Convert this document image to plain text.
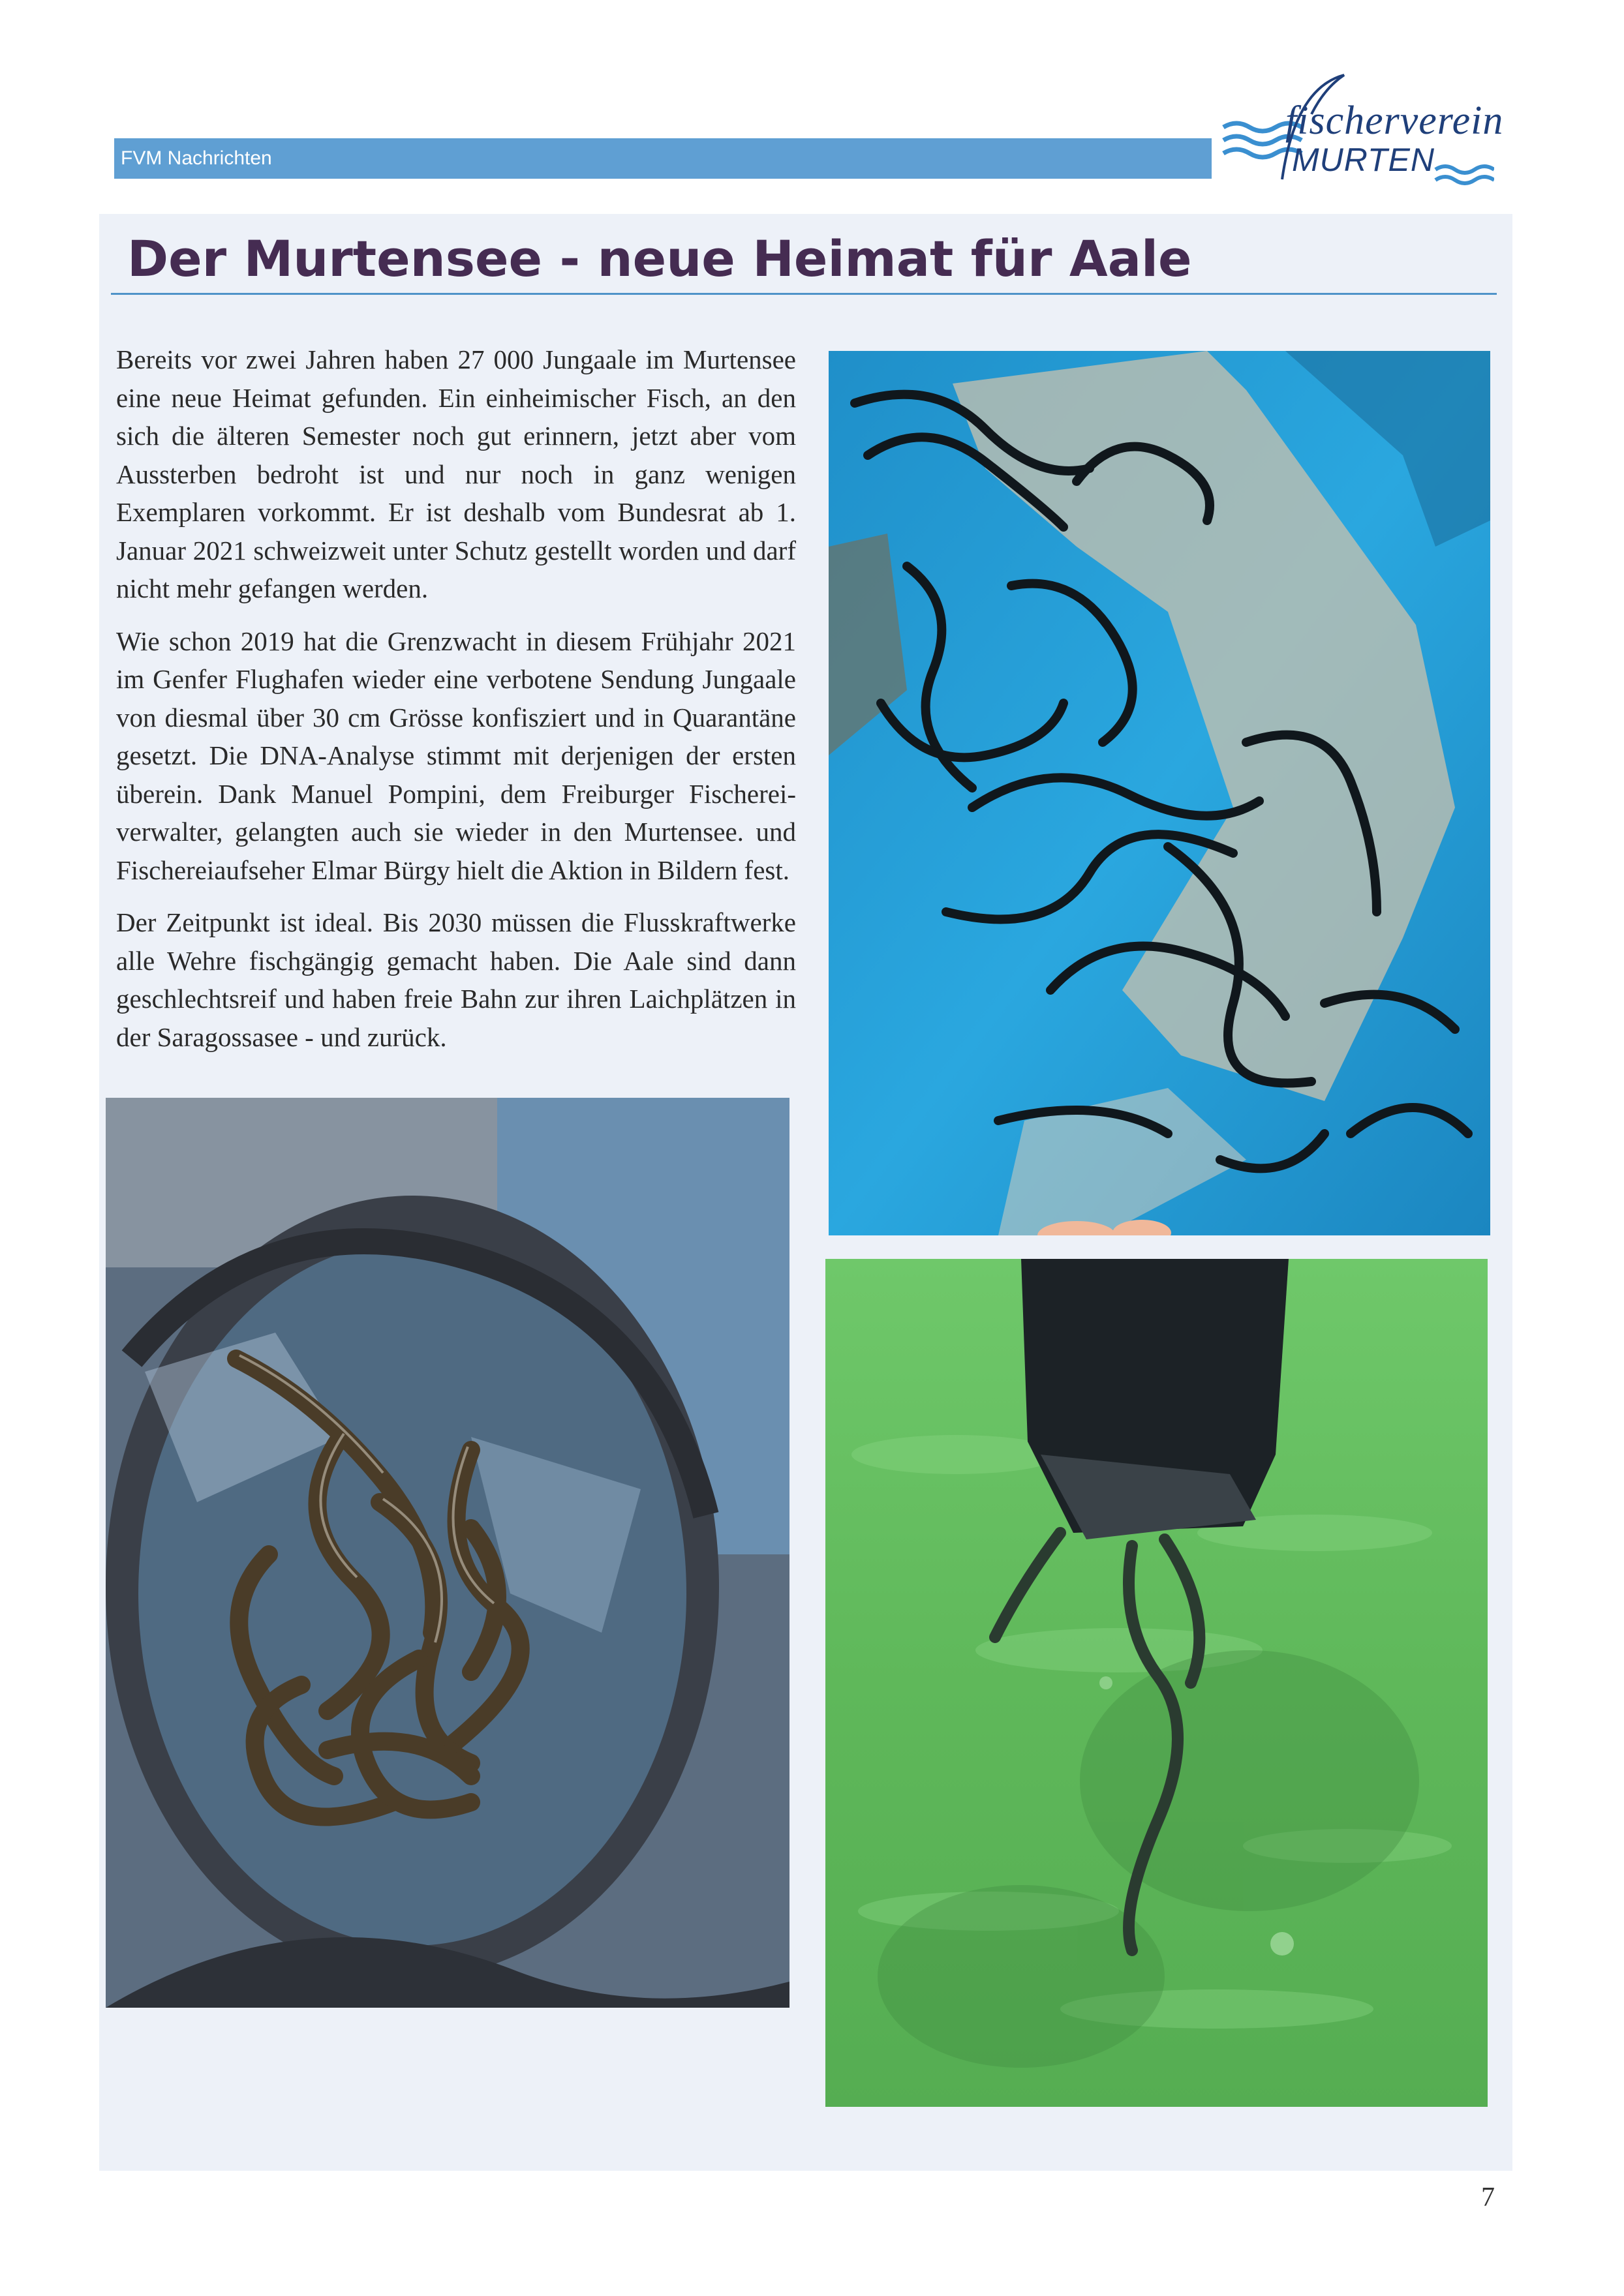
FVM Nachrichten
fischerverein
MURTEN
Der Murtensee - neue Heimat für Aale

Bereits vor zwei Jahren haben 27 000 Jungaale im Murtensee eine neue Heimat gefunden. Ein einheimischer Fisch, an den sich die älteren Semester noch gut erinnern, jetzt aber vom Aussterben bedroht ist und nur noch in ganz wenigen Exemplaren vorkommt. Er ist deshalb vom Bundesrat ab 1. Januar 2021 schweizweit unter Schutz gestellt worden und darf nicht mehr gefangen werden.

Wie schon 2019 hat die Grenzwacht in diesem Frühjahr 2021 im Genfer Flughafen wieder eine verbotene Sendung Jungaale von diesmal über 30 cm Grösse konfisziert und in Quarantäne gesetzt. Die DNA-Analyse stimmt mit derjenigen der ersten überein. Dank Manuel Pompini, dem Freiburger Fischerei-verwalter, gelangten auch sie wieder in den Murtensee. und Fischereiaufseher Elmar Bürgy hielt die Aktion in Bildern fest.

Der Zeitpunkt ist ideal. Bis 2030 müssen die Flusskraftwerke alle Wehre fischgängig gemacht haben. Die Aale sind dann geschlechtsreif und haben freie Bahn zur ihren Laichplätzen in der Saragossasee - und zurück.

7
